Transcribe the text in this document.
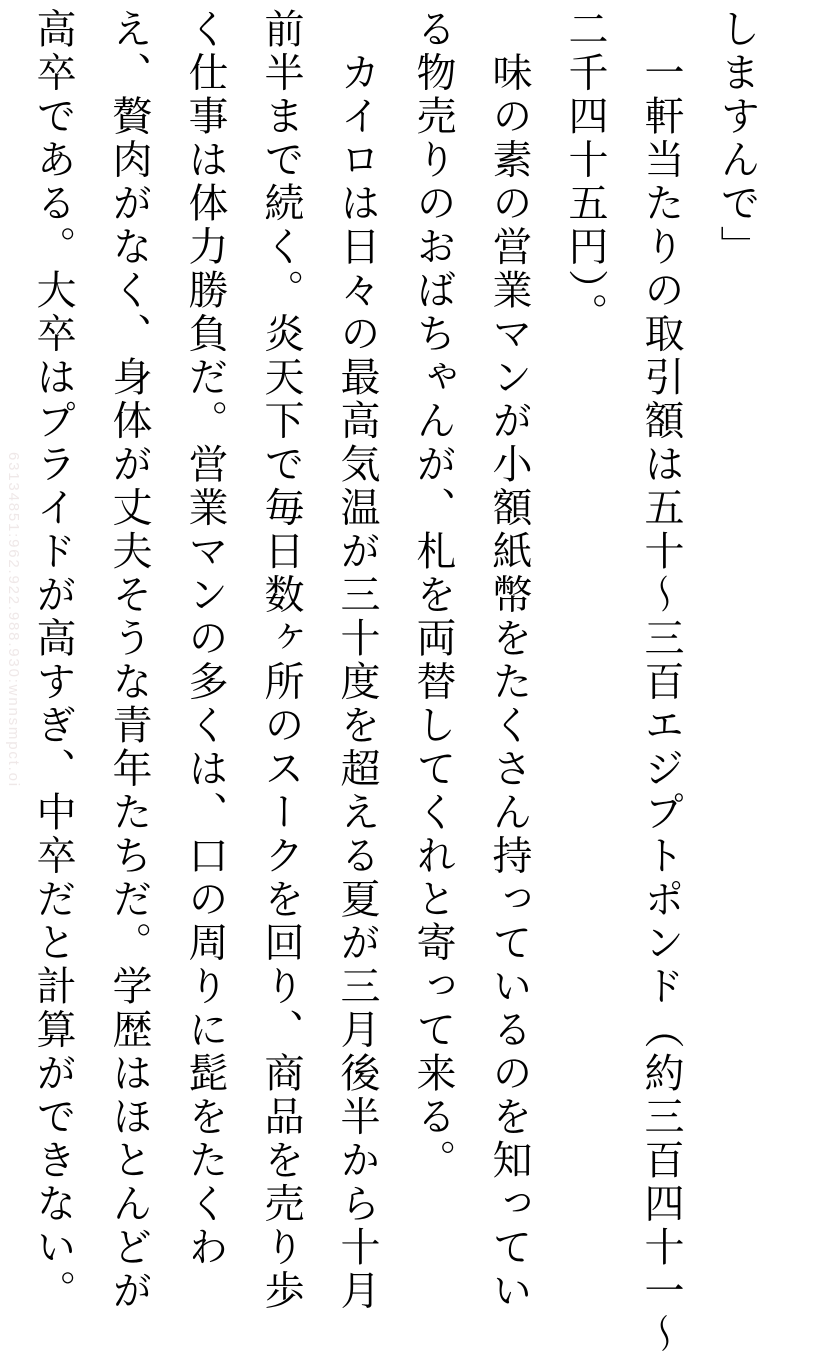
63134851:962.922.988.930:wnnsmpct.oi
しますんで」
　一軒当たりの取引額は五十〜三百エジプトポンド（約三百四十一〜
二千四十五円）。
　味の素の営業マンが小額紙幣をたくさん持っているのを知ってい
る物売りのおばちゃんが、札を両替してくれと寄って来る。
　カイロは日々の最高気温が三十度を超える夏が三月後半から十月
前半まで続く。炎天下で毎日数ヶ所のスークを回り、商品を売り歩
く仕事は体力勝負だ。営業マンの多くは、口の周りに髭をたくわ
え、贅肉がなく、身体が丈夫そうな青年たちだ。学歴はほとんどが
高卒である。大卒はプライドが高すぎ、中卒だと計算ができない。
